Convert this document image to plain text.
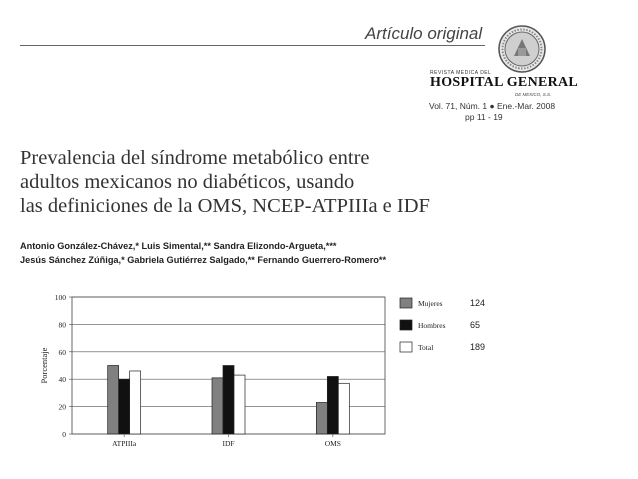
Artículo original
REVISTA MEDICA DEL
HOSPITAL GENERAL
DE MEXICO, S.S.
Vol. 71, Núm. 1 ● Ene.-Mar. 2008
pp 11 - 19
Prevalencia del síndrome metabólico entre
adultos mexicanos no diabéticos, usando
las definiciones de la OMS, NCEP-ATPIIIa e IDF
Antonio González-Chávez,* Luis Simental,** Sandra Elizondo-Argueta,***
Jesús Sánchez Zúñiga,* Gabriela Gutiérrez Salgado,** Fernando Guerrero-Romero**
0
20
40
60
80
100
Porcentaje
ATPIIIa	IDF	OMS
Mujeres
Hombres
Total
124
65
189
